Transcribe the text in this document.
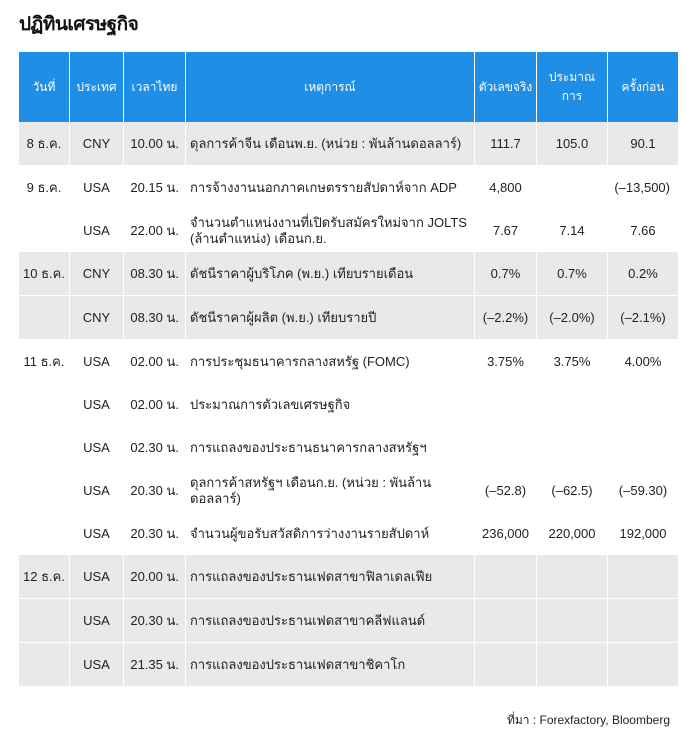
ปฏิทินเศรษฐกิจ
วันที่	ประเทศ	เวลาไทย	เหตุการณ์	ตัวเลขจริง	ประมาณการ	ครั้งก่อน
8 ธ.ค.	CNY	10.00 น.	ดุลการค้าจีน เดือนพ.ย. (หน่วย : พันล้านดอลลาร์)	111.7	105.0	90.1
9 ธ.ค.	USA	20.15 น.	การจ้างงานนอกภาคเกษตรรายสัปดาห์จาก ADP	4,800		(–13,500)
	USA	22.00 น.	จำนวนตำแหน่งงานที่เปิดรับสมัครใหม่จาก JOLTS (ล้านตำแหน่ง) เดือนก.ย.	7.67	7.14	7.66
10 ธ.ค.	CNY	08.30 น.	ดัชนีราคาผู้บริโภค (พ.ย.) เทียบรายเดือน	0.7%	0.7%	0.2%
	CNY	08.30 น.	ดัชนีราคาผู้ผลิต (พ.ย.) เทียบรายปี	(–2.2%)	(–2.0%)	(–2.1%)
11 ธ.ค.	USA	02.00 น.	การประชุมธนาคารกลางสหรัฐ (FOMC)	3.75%	3.75%	4.00%
	USA	02.00 น.	ประมาณการตัวเลขเศรษฐกิจ			
	USA	02.30 น.	การแถลงของประธานธนาคารกลางสหรัฐฯ			
	USA	20.30 น.	ดุลการค้าสหรัฐฯ เดือนก.ย. (หน่วย : พันล้านดอลลาร์)	(–52.8)	(–62.5)	(–59.30)
	USA	20.30 น.	จำนวนผู้ขอรับสวัสดิการว่างงานรายสัปดาห์	236,000	220,000	192,000
12 ธ.ค.	USA	20.00 น.	การแถลงของประธานเฟดสาขาฟิลาเดลเฟีย			
	USA	20.30 น.	การแถลงของประธานเฟดสาขาคลีฟแลนด์			
	USA	21.35 น.	การแถลงของประธานเฟดสาขาชิคาโก			
ที่มา : Forexfactory, Bloomberg
